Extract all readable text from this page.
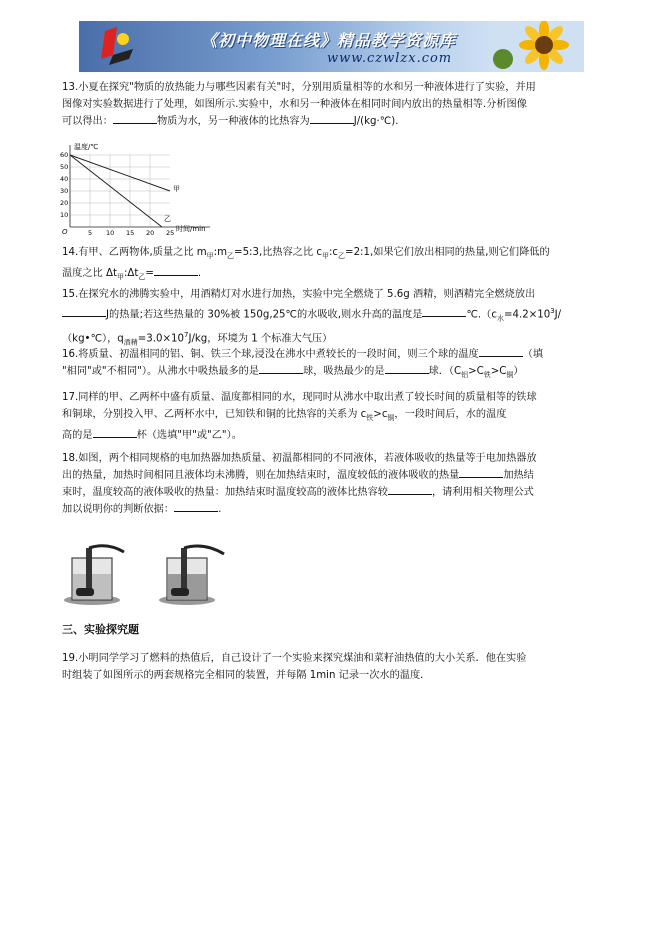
《初中物理在线》精品教学资源库
www.czwlzx.com
13.小夏在探究"物质的放热能力与哪些因素有关"时，分别用质量相等的水和另一种液体进行了实验，并用
图像对实验数据进行了处理，如图所示.实验中，水和另一种液体在相同时间内放出的热量相等.分析图像
可以得出：	物质为水，另一种液体的比热容为	J/(kg·℃).
温度/℃
时间/min
O
60
50
40
30
20
10
5 10 15 20 25
甲
乙
14.有甲、乙两物体,质量之比 $m_甲:m_乙=5:3$,比热容之比 $c_甲:c_乙=2:1$,如果它们放出相同的热量,则它们降低的
温度之比 $\Delta t_甲:\Delta t_乙=$	.
15.在探究水的沸腾实验中，用酒精灯对水进行加热，实验中完全燃烧了 5.6g 酒精，则酒精完全燃烧放出
J的热量;若这些热量的 30%被 150g,25℃的水吸收,则水升高的温度是	$℃.(c_水=4.2\times 10^3J/$
（kg•℃），$q_{酒精}=3.0\times 10^7J/kg$，环境为 1 个标准大气压）
16.将质量、初温相同的铝、铜、铁三个球,浸没在沸水中煮较长的一段时间，则三个球的温度	（填
"相同"或"不相同"）。从沸水中吸热最多的是	球，吸热最少的是	球．$(C_铝>C_铁>C_铜)$
17.同样的甲、乙两杯中盛有质量、温度都相同的水，现同时从沸水中取出煮了较长时间的质量相等的铁球
和铜球，分别投入甲、乙两杯水中，已知铁和铜的比热容的关系为 $c_铁>c_铜$，一段时间后，水的温度
高的是	杯（选填"甲"或"乙"）。
18.如图，两个相同规格的电加热器加热质量、初温都相同的不同液体，若液体吸收的热量等于电加热器放
出的热量，加热时间相同且液体均未沸腾，则在加热结束时，温度较低的液体吸收的热量	加热结
束时，温度较高的液体吸收的热量：加热结束时温度较高的液体比热容较	，请利用相关物理公式
加以说明你的判断依据：	.
三、实验探究题
19.小明同学学习了燃料的热值后，自己设计了一个实验来探究煤油和菜籽油热值的大小关系．他在实验
时组装了如图所示的两套规格完全相同的装置，并每隔 1min 记录一次水的温度．
